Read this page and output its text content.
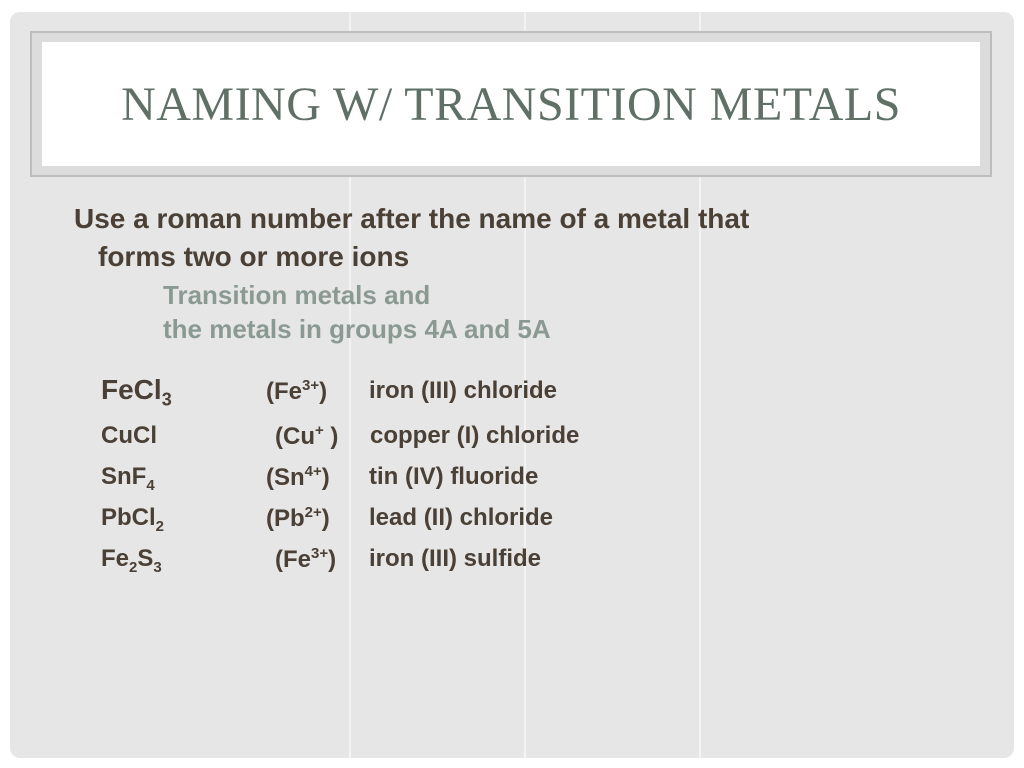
NAMING W/ TRANSITION METALS
Use a roman number after the name of a metal that
forms two or more ions
Transition metals and
the metals in groups 4A and 5A
FeCl$_3$	$(Fe^{3+})$ iron (III) chloride
CuCl	(Cu+ ) copper (I) chloride
SnF$_4$	$(Sn^{4+})$ tin (IV) fluoride
PbCl$_2$	$(Pb^{2+})$ lead (II) chloride
$Fe_2S_3$	$(Fe^{3+})$ iron (III) sulfide
